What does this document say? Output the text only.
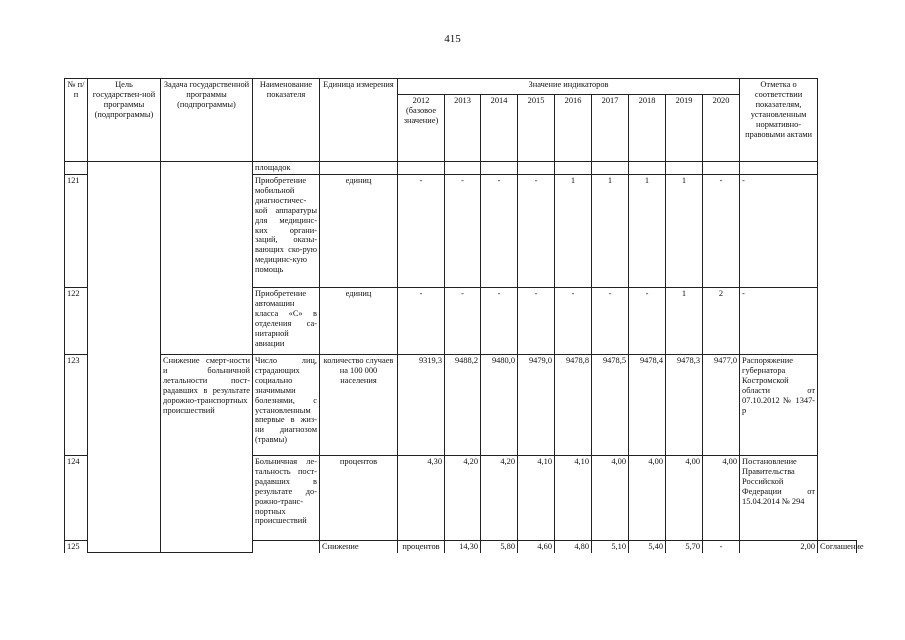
415
№ п/п	Цель государствен-ной программы (подпрограммы)	Задача государственной программы (подпрограммы)	Наименование показателя	Единица измерения	Значение индикаторов									Отметка о соответствии показателям, установленным нормативно-правовыми актами	
					2012 (базовое значение)	2013	2014	2015	2016	2017	2018	2019	2020		
			площадок												
121			Приобретение мобильной диагностичес-кой аппаратуры для медицинс-ких органи-заций, оказы-вающих ско-рую медицинс-кую помощь	единиц	-	-	-	-	1	1	1	1	-	-	
122			Приобретение автомашин класса «С» в отделения са-нитарной авиации	единиц	-	-	-	-	-	-	-	1	2	-	
123		Снижение смерт-ности и больничной летальности пост-радавших в результате дорожно-транспортных происшествий	Число лиц, страдающих социально значимыми болезнями, с установленным впервые в жиз-ни диагнозом (травмы)	количество случаев на 100 000 населения	9319,3	9488,2	9480,0	9479,0	9478,8	9478,5	9478,4	9478,3	9477,0	Распоряжение губернатора Костромской области от 07.10.2012 № 1347-р	
124			Больничная ле-тальность пост-радавших в результате до-рожно-транс-портных происшествий	процентов	4,30	4,20	4,20	4,10	4,10	4,00	4,00	4,00	4,00	Постановление Правительства Российской Федерации от 15.04.2014 № 294	
125				Снижение	процентов	14,30	5,80	4,60	4,80	5,10	5,40	5,70	-	2,00	Соглашение
